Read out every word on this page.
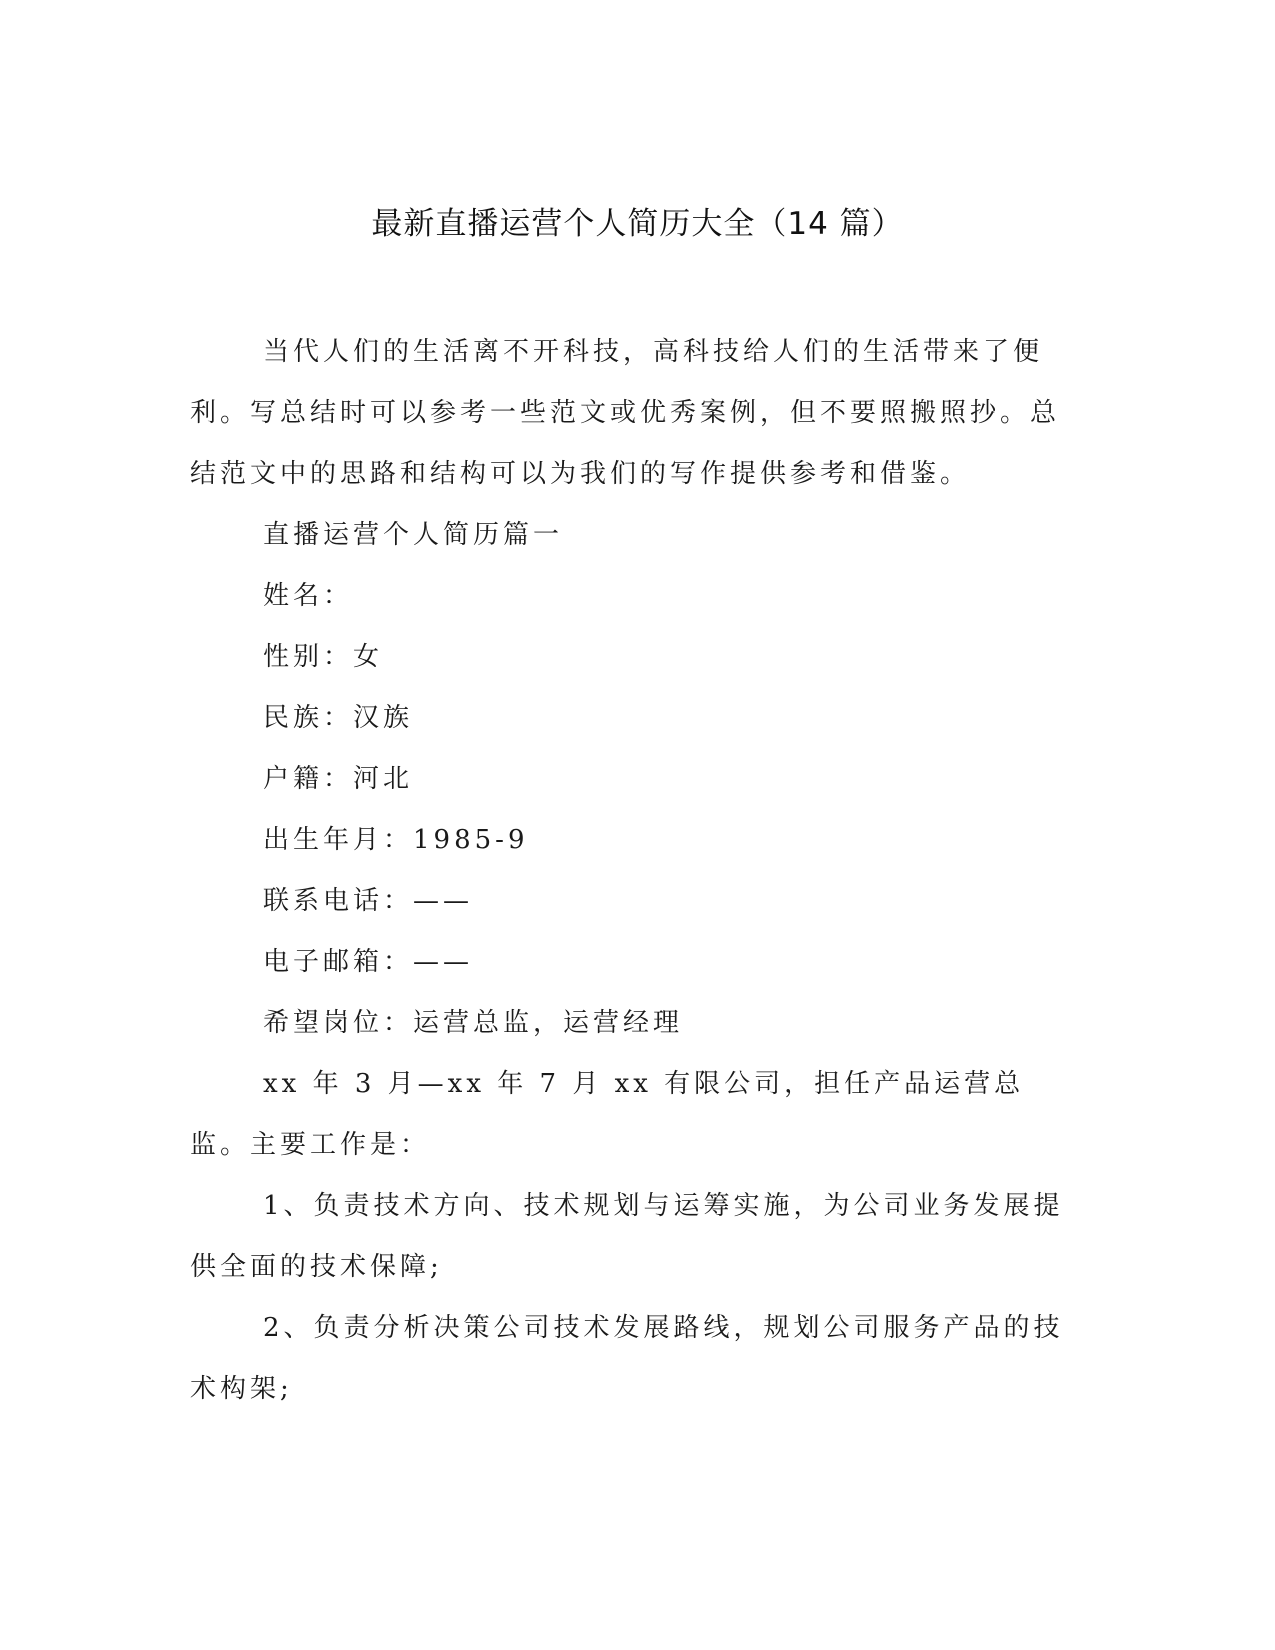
最新直播运营个人简历大全（14 篇）

当代人们的生活离不开科技，高科技给人们的生活带来了便利。写总结时可以参考一些范文或优秀案例，但不要照搬照抄。总结范文中的思路和结构可以为我们的写作提供参考和借鉴。

直播运营个人简历篇一

姓名：

性别：女

民族：汉族

户籍：河北

出生年月：1985-9

联系电话：——

电子邮箱：——

希望岗位：运营总监，运营经理

xx 年 3 月—xx 年 7 月 xx 有限公司，担任产品运营总监。主要工作是：

1、负责技术方向、技术规划与运筹实施，为公司业务发展提供全面的技术保障;

2、负责分析决策公司技术发展路线，规划公司服务产品的技术构架;
